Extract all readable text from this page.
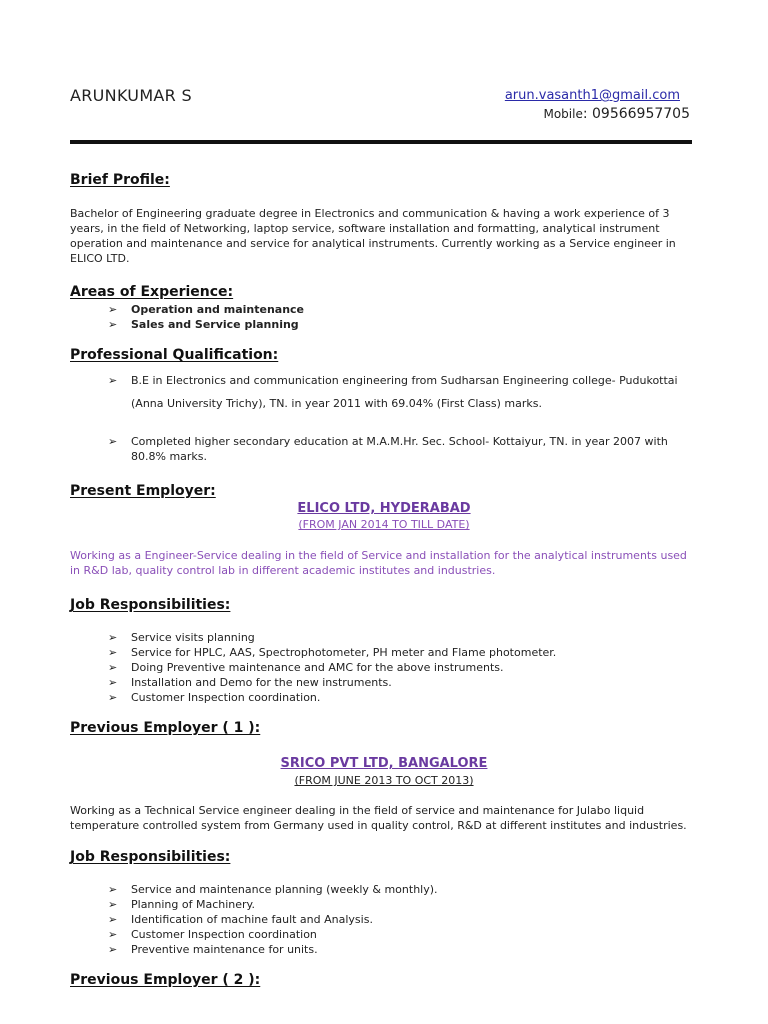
ARUNKUMAR S	arun.vasanth1@gmail.com
Mobile: 09566957705
Brief Profile:
Bachelor of Engineering graduate degree in Electronics and communication & having a work experience of 3 years, in the field of Networking, laptop service, software installation and formatting, analytical instrument operation and maintenance and service for analytical instruments. Currently working as a Service engineer in ELICO LTD.
Areas of Experience:
➢ Operation and maintenance
➢ Sales and Service planning
Professional Qualification:
➢ B.E in Electronics and communication engineering from Sudharsan Engineering college- Pudukottai
(Anna University Trichy), TN. in year 2011 with 69.04% (First Class) marks.
➢ Completed higher secondary education at M.A.M.Hr. Sec. School- Kottaiyur, TN. in year 2007 with
80.8% marks.
Present Employer:
ELICO LTD, HYDERABAD
(FROM JAN 2014 TO TILL DATE)
Working as a Engineer-Service dealing in the field of Service and installation for the analytical instruments used in R&D lab, quality control lab in different academic institutes and industries.
Job Responsibilities:
➢ Service visits planning
➢ Service for HPLC, AAS, Spectrophotometer, PH meter and Flame photometer.
➢ Doing Preventive maintenance and AMC for the above instruments.
➢ Installation and Demo for the new instruments.
➢ Customer Inspection coordination.
Previous Employer ( 1 ):
SRICO PVT LTD, BANGALORE
(FROM JUNE 2013 TO OCT 2013)
Working as a Technical Service engineer dealing in the field of service and maintenance for Julabo liquid temperature controlled system from Germany used in quality control, R&D at different institutes and industries.
Job Responsibilities:
➢ Service and maintenance planning (weekly & monthly).
➢ Planning of Machinery.
➢ Identification of machine fault and Analysis.
➢ Customer Inspection coordination
➢ Preventive maintenance for units.
Previous Employer ( 2 ):
